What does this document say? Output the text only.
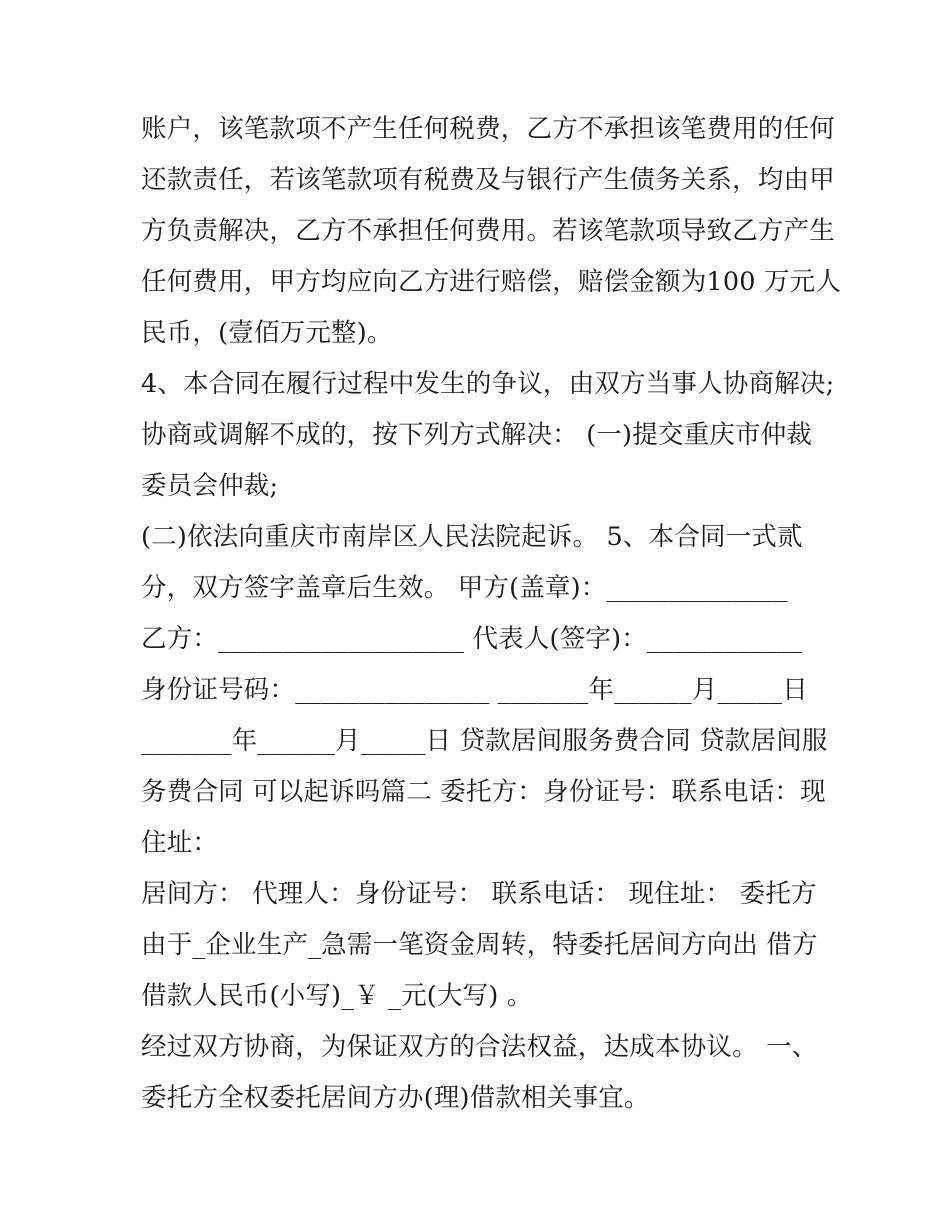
账户，该笔款项不产生任何税费，乙方不承担该笔费用的任何
还款责任，若该笔款项有税费及与银行产生债务关系，均由甲
方负责解决，乙方不承担任何费用。若该笔款项导致乙方产生
任何费用，甲方均应向乙方进行赔偿，赔偿金额为100 万元人
民币，(壹佰万元整)。
4、本合同在履行过程中发生的争议，由双方当事人协商解决;
协商或调解不成的，按下列方式解决： (一)提交重庆市仲裁
委员会仲裁;
(二)依法向重庆市南岸区人民法院起诉。 5、本合同一式贰
分，双方签字盖章后生效。 甲方(盖章)：______________
乙方：___________________ 代表人(签字)：____________
身份证号码：_______________ _______年______月_____日
_______年______月_____日 贷款居间服务费合同 贷款居间服
务费合同 可以起诉吗篇二 委托方：身份证号：联系电话：现
住址：
居间方： 代理人：身份证号： 联系电话： 现住址： 委托方
由于_企业生产_急需一笔资金周转，特委托居间方向出 借方
借款人民币(小写)_￥ _元(大写) 。
经过双方协商，为保证双方的合法权益，达成本协议。 一、
委托方全权委托居间方办(理)借款相关事宜。
